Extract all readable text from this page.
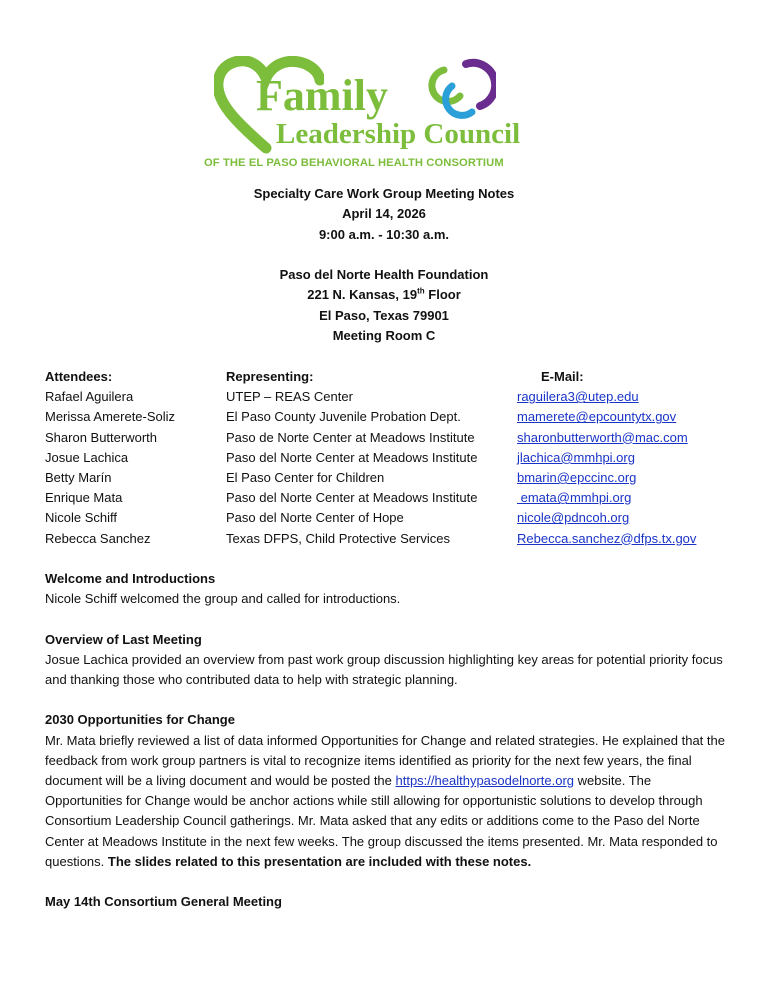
Family
Leadership Council
OF THE EL PASO BEHAVIORAL HEALTH CONSORTIUM
Specialty Care Work Group Meeting Notes
April 14, 2026
9:00 a.m. - 10:30 a.m.
Paso del Norte Health Foundation
221 N. Kansas, 19th Floor
El Paso, Texas 79901
Meeting Room C
Attendees:	Representing:	E-Mail:
Rafael Aguilera	UTEP – REAS Center	raguilera3@utep.edu
Merissa Amerete-Soliz	El Paso County Juvenile Probation Dept.	mamerete@epcountytx.gov
Sharon Butterworth	Paso de Norte Center at Meadows Institute	sharonbutterworth@mac.com
Josue Lachica	Paso del Norte Center at Meadows Institute	jlachica@mmhpi.org
Betty Marín	El Paso Center for Children	bmarin@epccinc.org
Enrique Mata	Paso del Norte Center at Meadows Institute	emata@mmhpi.org
Nicole Schiff	Paso del Norte Center of Hope	nicole@pdncoh.org
Rebecca Sanchez	Texas DFPS, Child Protective Services	Rebecca.sanchez@dfps.tx.gov
Welcome and Introductions

Nicole Schiff welcomed the group and called for introductions.

Overview of Last Meeting

Josue Lachica provided an overview from past work group discussion highlighting key areas for potential priority focus and thanking those who contributed data to help with strategic planning.

2030 Opportunities for Change

Mr. Mata briefly reviewed a list of data informed Opportunities for Change and related strategies. He explained that the feedback from work group partners is vital to recognize items identified as priority for the next few years, the final document will be a living document and would be posted the https://healthypasodelnorte.org website. The Opportunities for Change would be anchor actions while still allowing for opportunistic solutions to develop through Consortium Leadership Council gatherings. Mr. Mata asked that any edits or additions come to the Paso del Norte Center at Meadows Institute in the next few weeks. The group discussed the items presented. Mr. Mata responded to questions. The slides related to this presentation are included with these notes.

May 14th Consortium General Meeting
